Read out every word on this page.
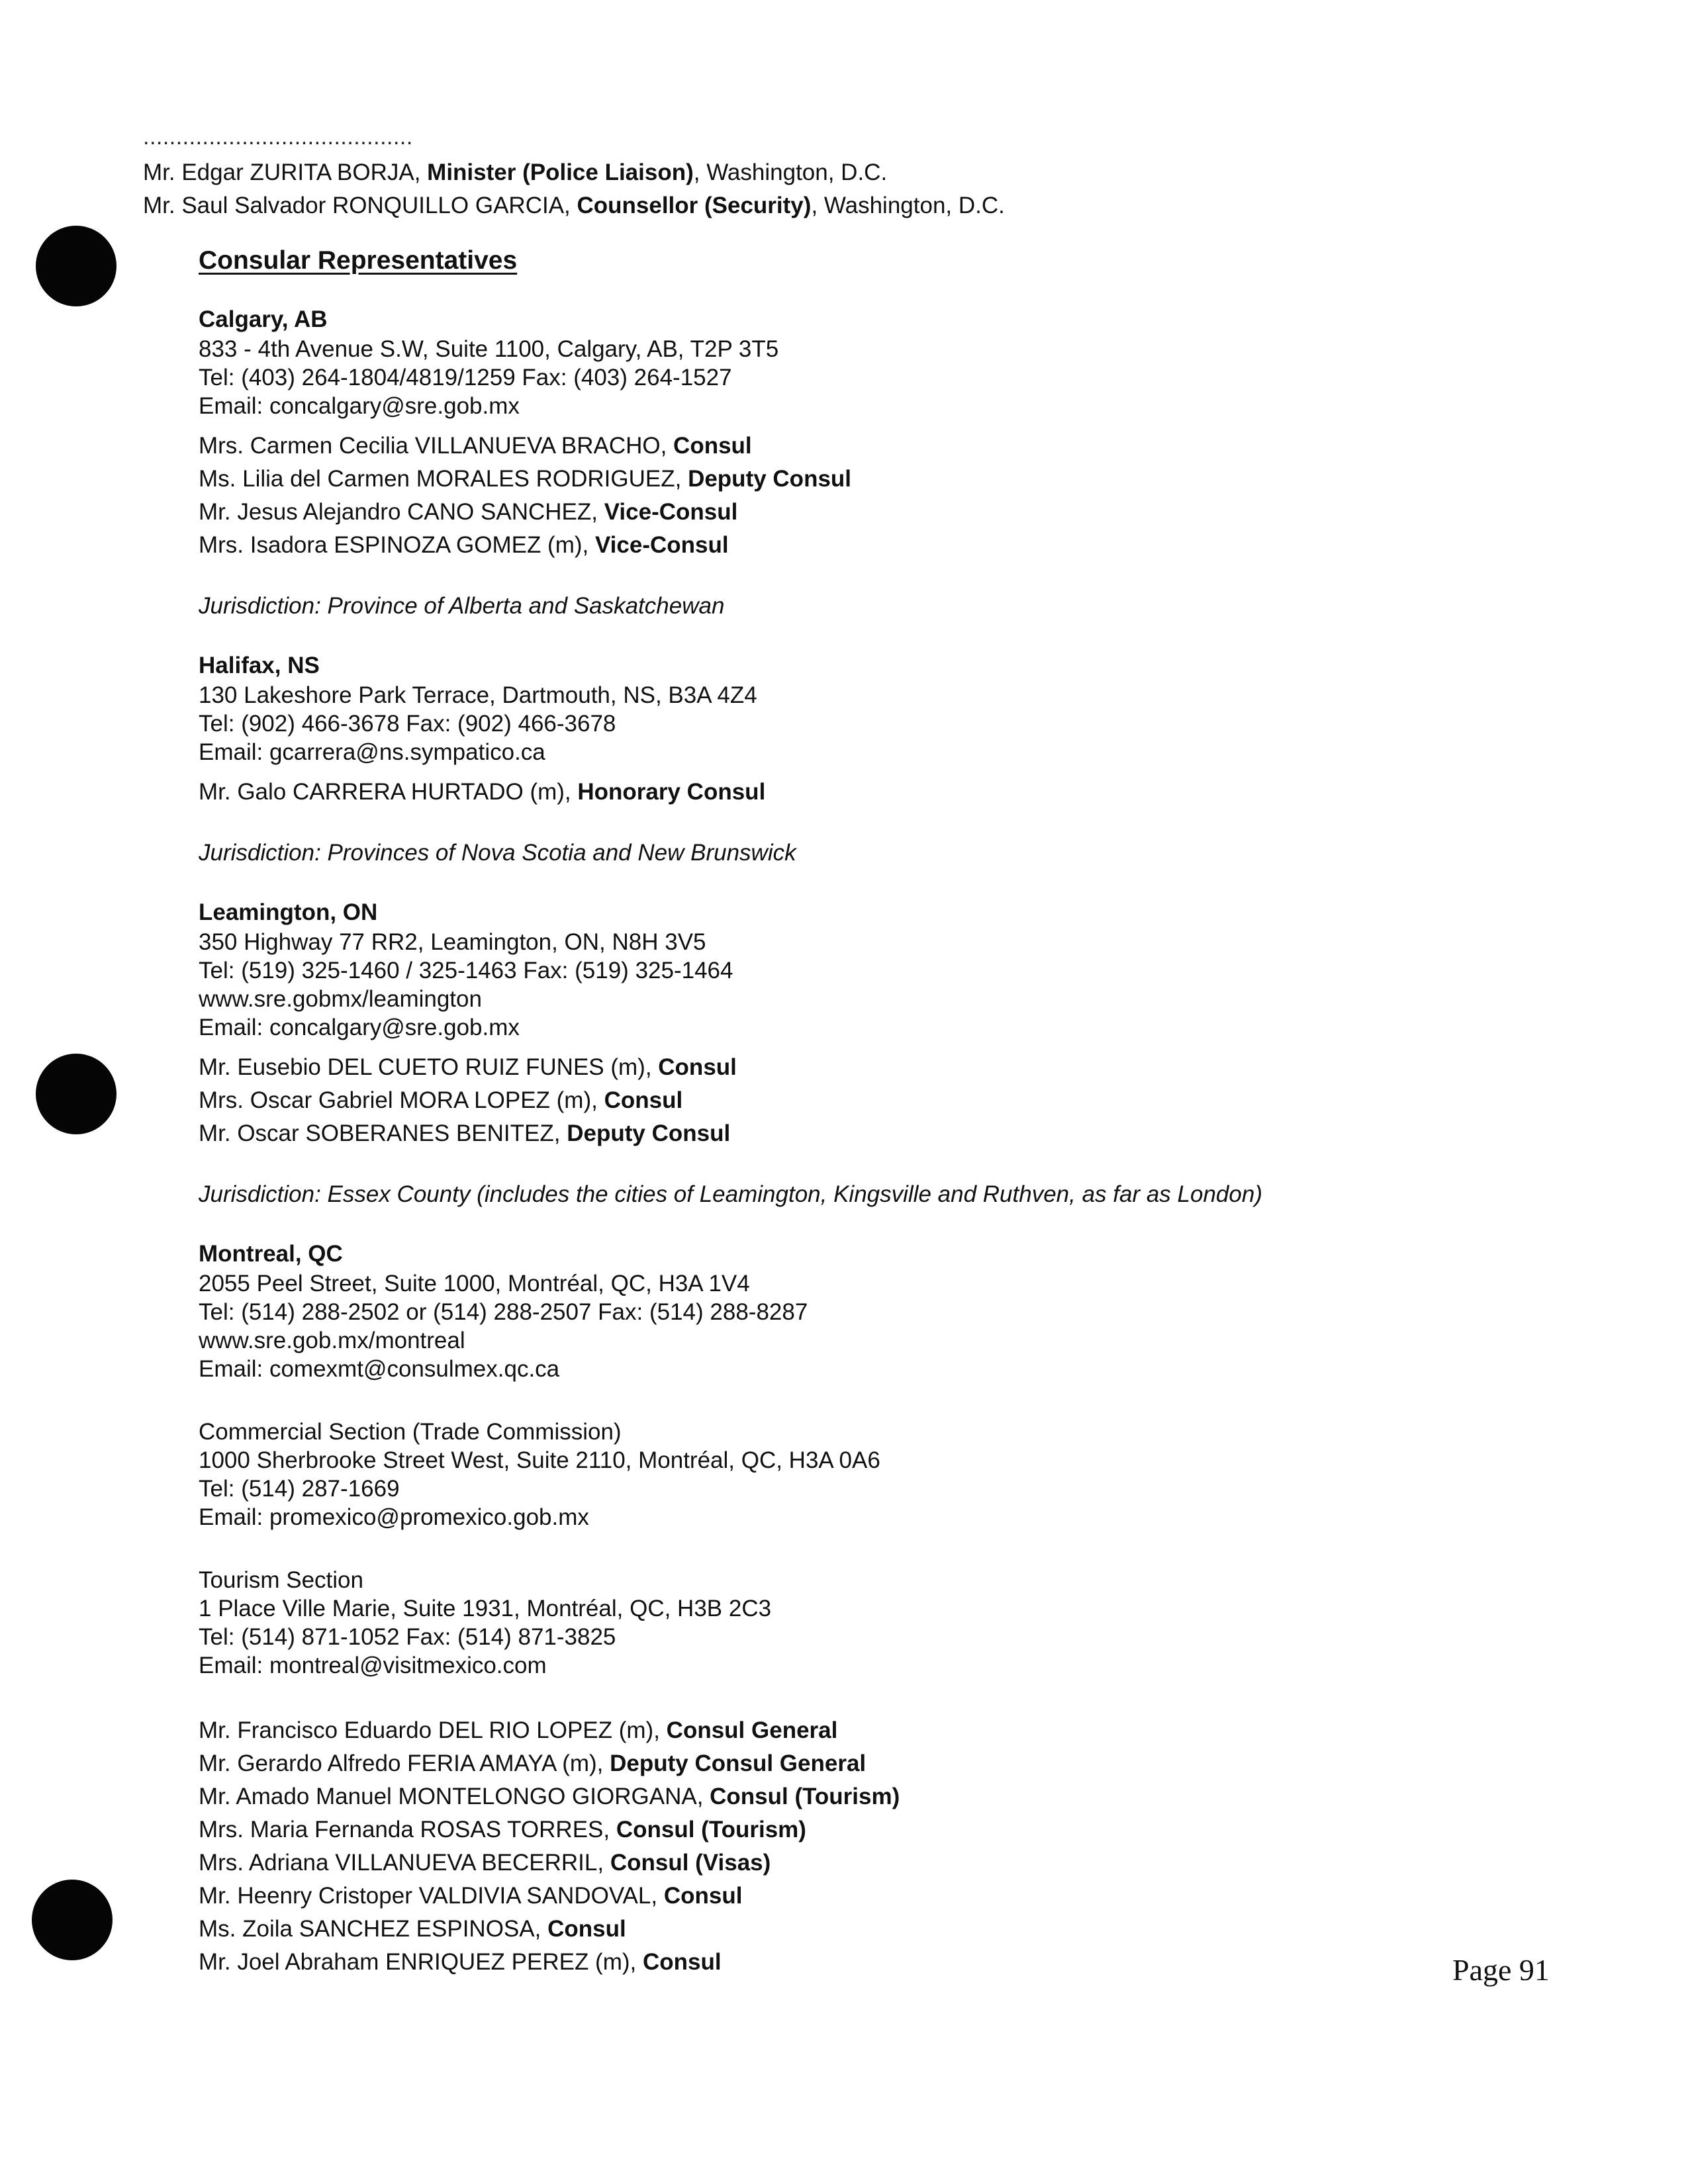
.........................................
Mr. Edgar ZURITA BORJA, Minister (Police Liaison), Washington, D.C.
Mr. Saul Salvador RONQUILLO GARCIA, Counsellor (Security), Washington, D.C.
Consular Representatives
Calgary, AB
833 - 4th Avenue S.W, Suite 1100, Calgary, AB, T2P 3T5
Tel: (403) 264-1804/4819/1259 Fax: (403) 264-1527
Email: concalgary@sre.gob.mx
Mrs. Carmen Cecilia VILLANUEVA BRACHO, Consul
Ms. Lilia del Carmen MORALES RODRIGUEZ, Deputy Consul
Mr. Jesus Alejandro CANO SANCHEZ, Vice-Consul
Mrs. Isadora ESPINOZA GOMEZ (m), Vice-Consul
Jurisdiction: Province of Alberta and Saskatchewan
Halifax, NS
130 Lakeshore Park Terrace, Dartmouth, NS, B3A 4Z4
Tel: (902) 466-3678 Fax: (902) 466-3678
Email: gcarrera@ns.sympatico.ca
Mr. Galo CARRERA HURTADO (m), Honorary Consul
Jurisdiction: Provinces of Nova Scotia and New Brunswick
Leamington, ON
350 Highway 77 RR2, Leamington, ON, N8H 3V5
Tel: (519) 325-1460 / 325-1463 Fax: (519) 325-1464
www.sre.gobmx/leamington
Email: concalgary@sre.gob.mx
Mr. Eusebio DEL CUETO RUIZ FUNES (m), Consul
Mrs. Oscar Gabriel MORA LOPEZ (m), Consul
Mr. Oscar SOBERANES BENITEZ, Deputy Consul
Jurisdiction: Essex County (includes the cities of Leamington, Kingsville and Ruthven, as far as London)
Montreal, QC
2055 Peel Street, Suite 1000, Montréal, QC, H3A 1V4
Tel: (514) 288-2502 or (514) 288-2507 Fax: (514) 288-8287
www.sre.gob.mx/montreal
Email: comexmt@consulmex.qc.ca
Commercial Section (Trade Commission)
1000 Sherbrooke Street West, Suite 2110, Montréal, QC, H3A 0A6
Tel: (514) 287-1669
Email: promexico@promexico.gob.mx
Tourism Section
1 Place Ville Marie, Suite 1931, Montréal, QC, H3B 2C3
Tel: (514) 871-1052 Fax: (514) 871-3825
Email: montreal@visitmexico.com
Mr. Francisco Eduardo DEL RIO LOPEZ (m), Consul General
Mr. Gerardo Alfredo FERIA AMAYA (m), Deputy Consul General
Mr. Amado Manuel MONTELONGO GIORGANA, Consul (Tourism)
Mrs. Maria Fernanda ROSAS TORRES, Consul (Tourism)
Mrs. Adriana VILLANUEVA BECERRIL, Consul (Visas)
Mr. Heenry Cristoper VALDIVIA SANDOVAL, Consul
Ms. Zoila SANCHEZ ESPINOSA, Consul
Mr. Joel Abraham ENRIQUEZ PEREZ (m), Consul	Page 91
